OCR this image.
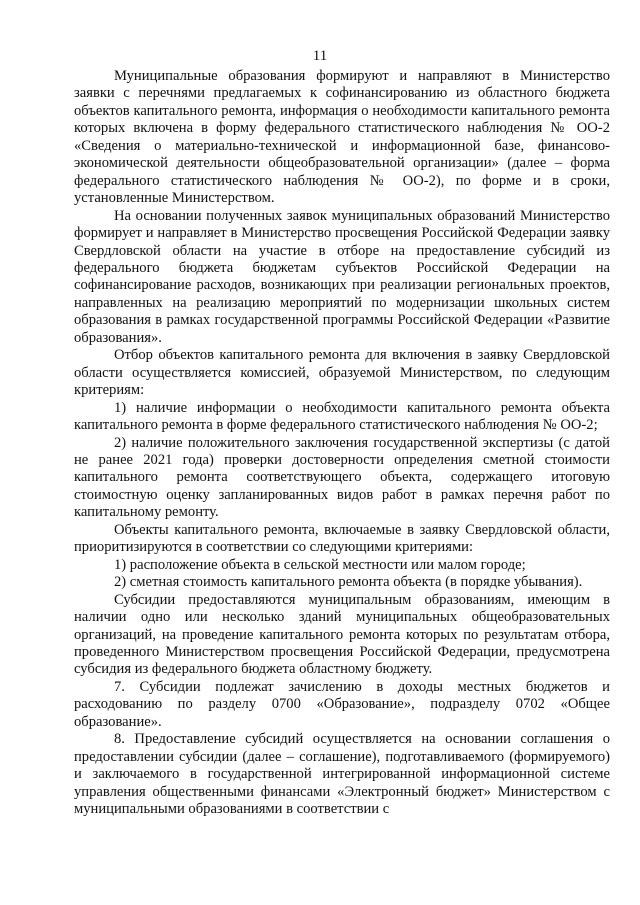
11

Муниципальные образования формируют и направляют в Министерство заявки с перечнями предлагаемых к софинансированию из областного бюджета объектов капитального ремонта, информация о необходимости капитального ремонта которых включена в форму федерального статистического наблюдения № ОО-2 «Сведения о материально-технической и информационной базе, финансово-экономической деятельности общеобразовательной организации» (далее – форма федерального статистического наблюдения № ОО-2), по форме и в сроки, установленные Министерством.

На основании полученных заявок муниципальных образований Министерство формирует и направляет в Министерство просвещения Российской Федерации заявку Свердловской области на участие в отборе на предоставление субсидий из федерального бюджета бюджетам субъектов Российской Федерации на софинансирование расходов, возникающих при реализации региональных проектов, направленных на реализацию мероприятий по модернизации школьных систем образования в рамках государственной программы Российской Федерации «Развитие образования».

Отбор объектов капитального ремонта для включения в заявку Свердловской области осуществляется комиссией, образуемой Министерством, по следующим критериям:

1) наличие информации о необходимости капитального ремонта объекта капитального ремонта в форме федерального статистического наблюдения № ОО-2;

2) наличие положительного заключения государственной экспертизы (с датой не ранее 2021 года) проверки достоверности определения сметной стоимости капитального ремонта соответствующего объекта, содержащего итоговую стоимостную оценку запланированных видов работ в рамках перечня работ по капитальному ремонту.

Объекты капитального ремонта, включаемые в заявку Свердловской области, приоритизируются в соответствии со следующими критериями:

1) расположение объекта в сельской местности или малом городе;

2) сметная стоимость капитального ремонта объекта (в порядке убывания).

Субсидии предоставляются муниципальным образованиям, имеющим в наличии одно или несколько зданий муниципальных общеобразовательных организаций, на проведение капитального ремонта которых по результатам отбора, проведенного Министерством просвещения Российской Федерации, предусмотрена субсидия из федерального бюджета областному бюджету.

7. Субсидии подлежат зачислению в доходы местных бюджетов и расходованию по разделу 0700 «Образование», подразделу 0702 «Общее образование».

8. Предоставление субсидий осуществляется на основании соглашения о предоставлении субсидии (далее – соглашение), подготавливаемого (формируемого) и заключаемого в государственной интегрированной информационной системе управления общественными финансами «Электронный бюджет» Министерством с муниципальными образованиями в соответствии с
